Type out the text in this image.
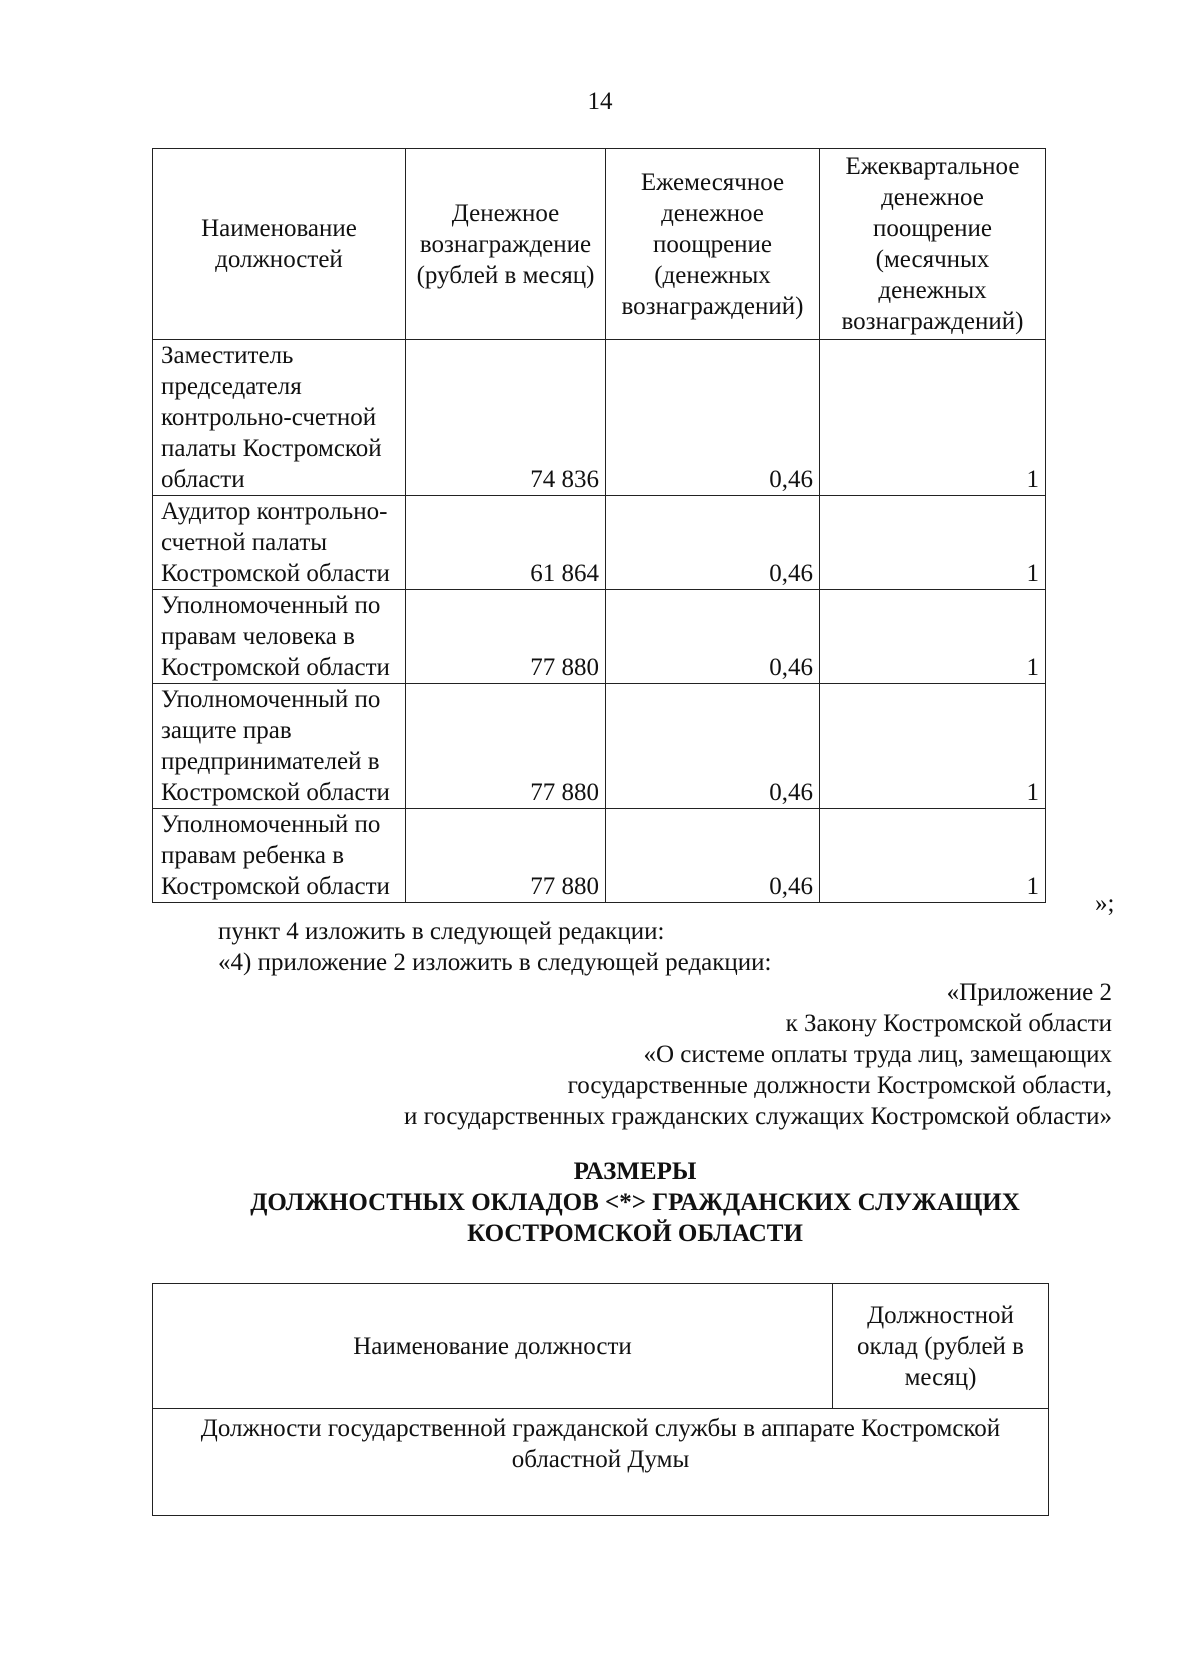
14
Наименование должностей	Денежное вознаграждение (рублей в месяц)	Ежемесячное денежное поощрение (денежных вознаграждений)	Ежеквартальное денежное поощрение (месячных денежных вознаграждений)
Заместитель председателя контрольно-счетной палаты Костромской области	74 836	0,46	1
Аудитор контрольно-счетной палаты Костромской области	61 864	0,46	1
Уполномоченный по правам человека в Костромской области	77 880	0,46	1
Уполномоченный по защите прав предпринимателей в Костромской области	77 880	0,46	1
Уполномоченный по правам ребенка в Костромской области	77 880	0,46	1
»;
пункт 4 изложить в следующей редакции:
«4) приложение 2 изложить в следующей редакции:
«Приложение 2
к Закону Костромской области
«О системе оплаты труда лиц, замещающих
государственные должности Костромской области,
и государственных гражданских служащих Костромской области»
РАЗМЕРЫ
ДОЛЖНОСТНЫХ ОКЛАДОВ <*> ГРАЖДАНСКИХ СЛУЖАЩИХ
КОСТРОМСКОЙ ОБЛАСТИ
Наименование должности	Должностной оклад (рублей в месяц)
Должности государственной гражданской службы в аппарате Костромской областной Думы
